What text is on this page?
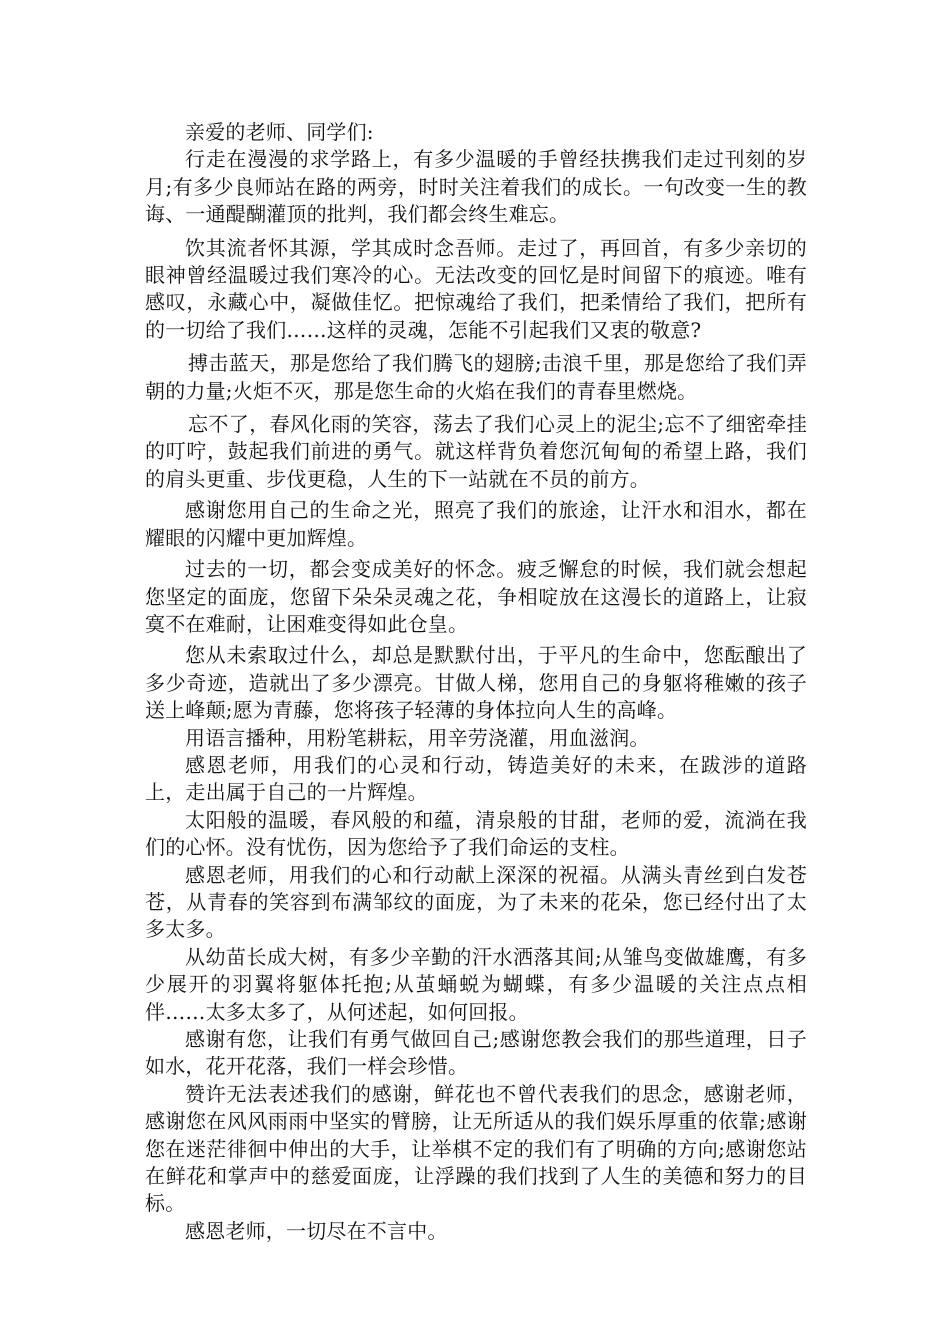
亲爱的老师、同学们:

行走在漫漫的求学路上，有多少温暖的手曾经扶携我们走过刊刻的岁月;有多少良师站在路的两旁，时时关注着我们的成长。一句改变一生的教诲、一通醍醐灌顶的批判，我们都会终生难忘。

饮其流者怀其源，学其成时念吾师。走过了，再回首，有多少亲切的眼神曾经温暖过我们寒冷的心。无法改变的回忆是时间留下的痕迹。唯有感叹，永藏心中，凝做佳忆。把惊魂给了我们，把柔情给了我们，把所有的一切给了我们……这样的灵魂，怎能不引起我们又衷的敬意?

搏击蓝天，那是您给了我们腾飞的翅膀;击浪千里，那是您给了我们弄朝的力量;火炬不灭，那是您生命的火焰在我们的青春里燃烧。

忘不了，春风化雨的笑容，荡去了我们心灵上的泥尘;忘不了细密牵挂的叮咛，鼓起我们前进的勇气。就这样背负着您沉甸甸的希望上路，我们的肩头更重、步伐更稳，人生的下一站就在不员的前方。

感谢您用自己的生命之光，照亮了我们的旅途，让汗水和泪水，都在耀眼的闪耀中更加辉煌。

过去的一切，都会变成美好的怀念。疲乏懈怠的时候，我们就会想起您坚定的面庞，您留下朵朵灵魂之花，争相啶放在这漫长的道路上，让寂寞不在难耐，让困难变得如此仓皇。

您从未索取过什么，却总是默默付出，于平凡的生命中，您酝酿出了多少奇迹，造就出了多少漂亮。甘做人梯，您用自己的身躯将稚嫩的孩子送上峰颠;愿为青藤，您将孩子轻薄的身体拉向人生的高峰。

用语言播种，用粉笔耕耘，用辛劳浇灌，用血滋润。

感恩老师，用我们的心灵和行动，铸造美好的未来，在跋涉的道路上，走出属于自己的一片辉煌。

太阳般的温暖，春风般的和蕴，清泉般的甘甜，老师的爱，流淌在我们的心怀。没有忧伤，因为您给予了我们命运的支柱。

感恩老师，用我们的心和行动献上深深的祝福。从满头青丝到白发苍苍，从青春的笑容到布满邹纹的面庞，为了未来的花朵，您已经付出了太多太多。

从幼苗长成大树，有多少辛勤的汗水洒落其间;从雏鸟变做雄鹰，有多少展开的羽翼将躯体托抱;从茧蛹蜕为蝴蝶，有多少温暖的关注点点相伴……太多太多了，从何述起，如何回报。

感谢有您，让我们有勇气做回自己;感谢您教会我们的那些道理，日子如水，花开花落，我们一样会珍惜。

赞许无法表述我们的感谢，鲜花也不曾代表我们的思念，感谢老师，感谢您在风风雨雨中坚实的臂膀，让无所适从的我们娱乐厚重的依靠;感谢您在迷茫徘徊中伸出的大手，让举棋不定的我们有了明确的方向;感谢您站在鲜花和掌声中的慈爱面庞，让浮躁的我们找到了人生的美德和努力的目标。

感恩老师，一切尽在不言中。
